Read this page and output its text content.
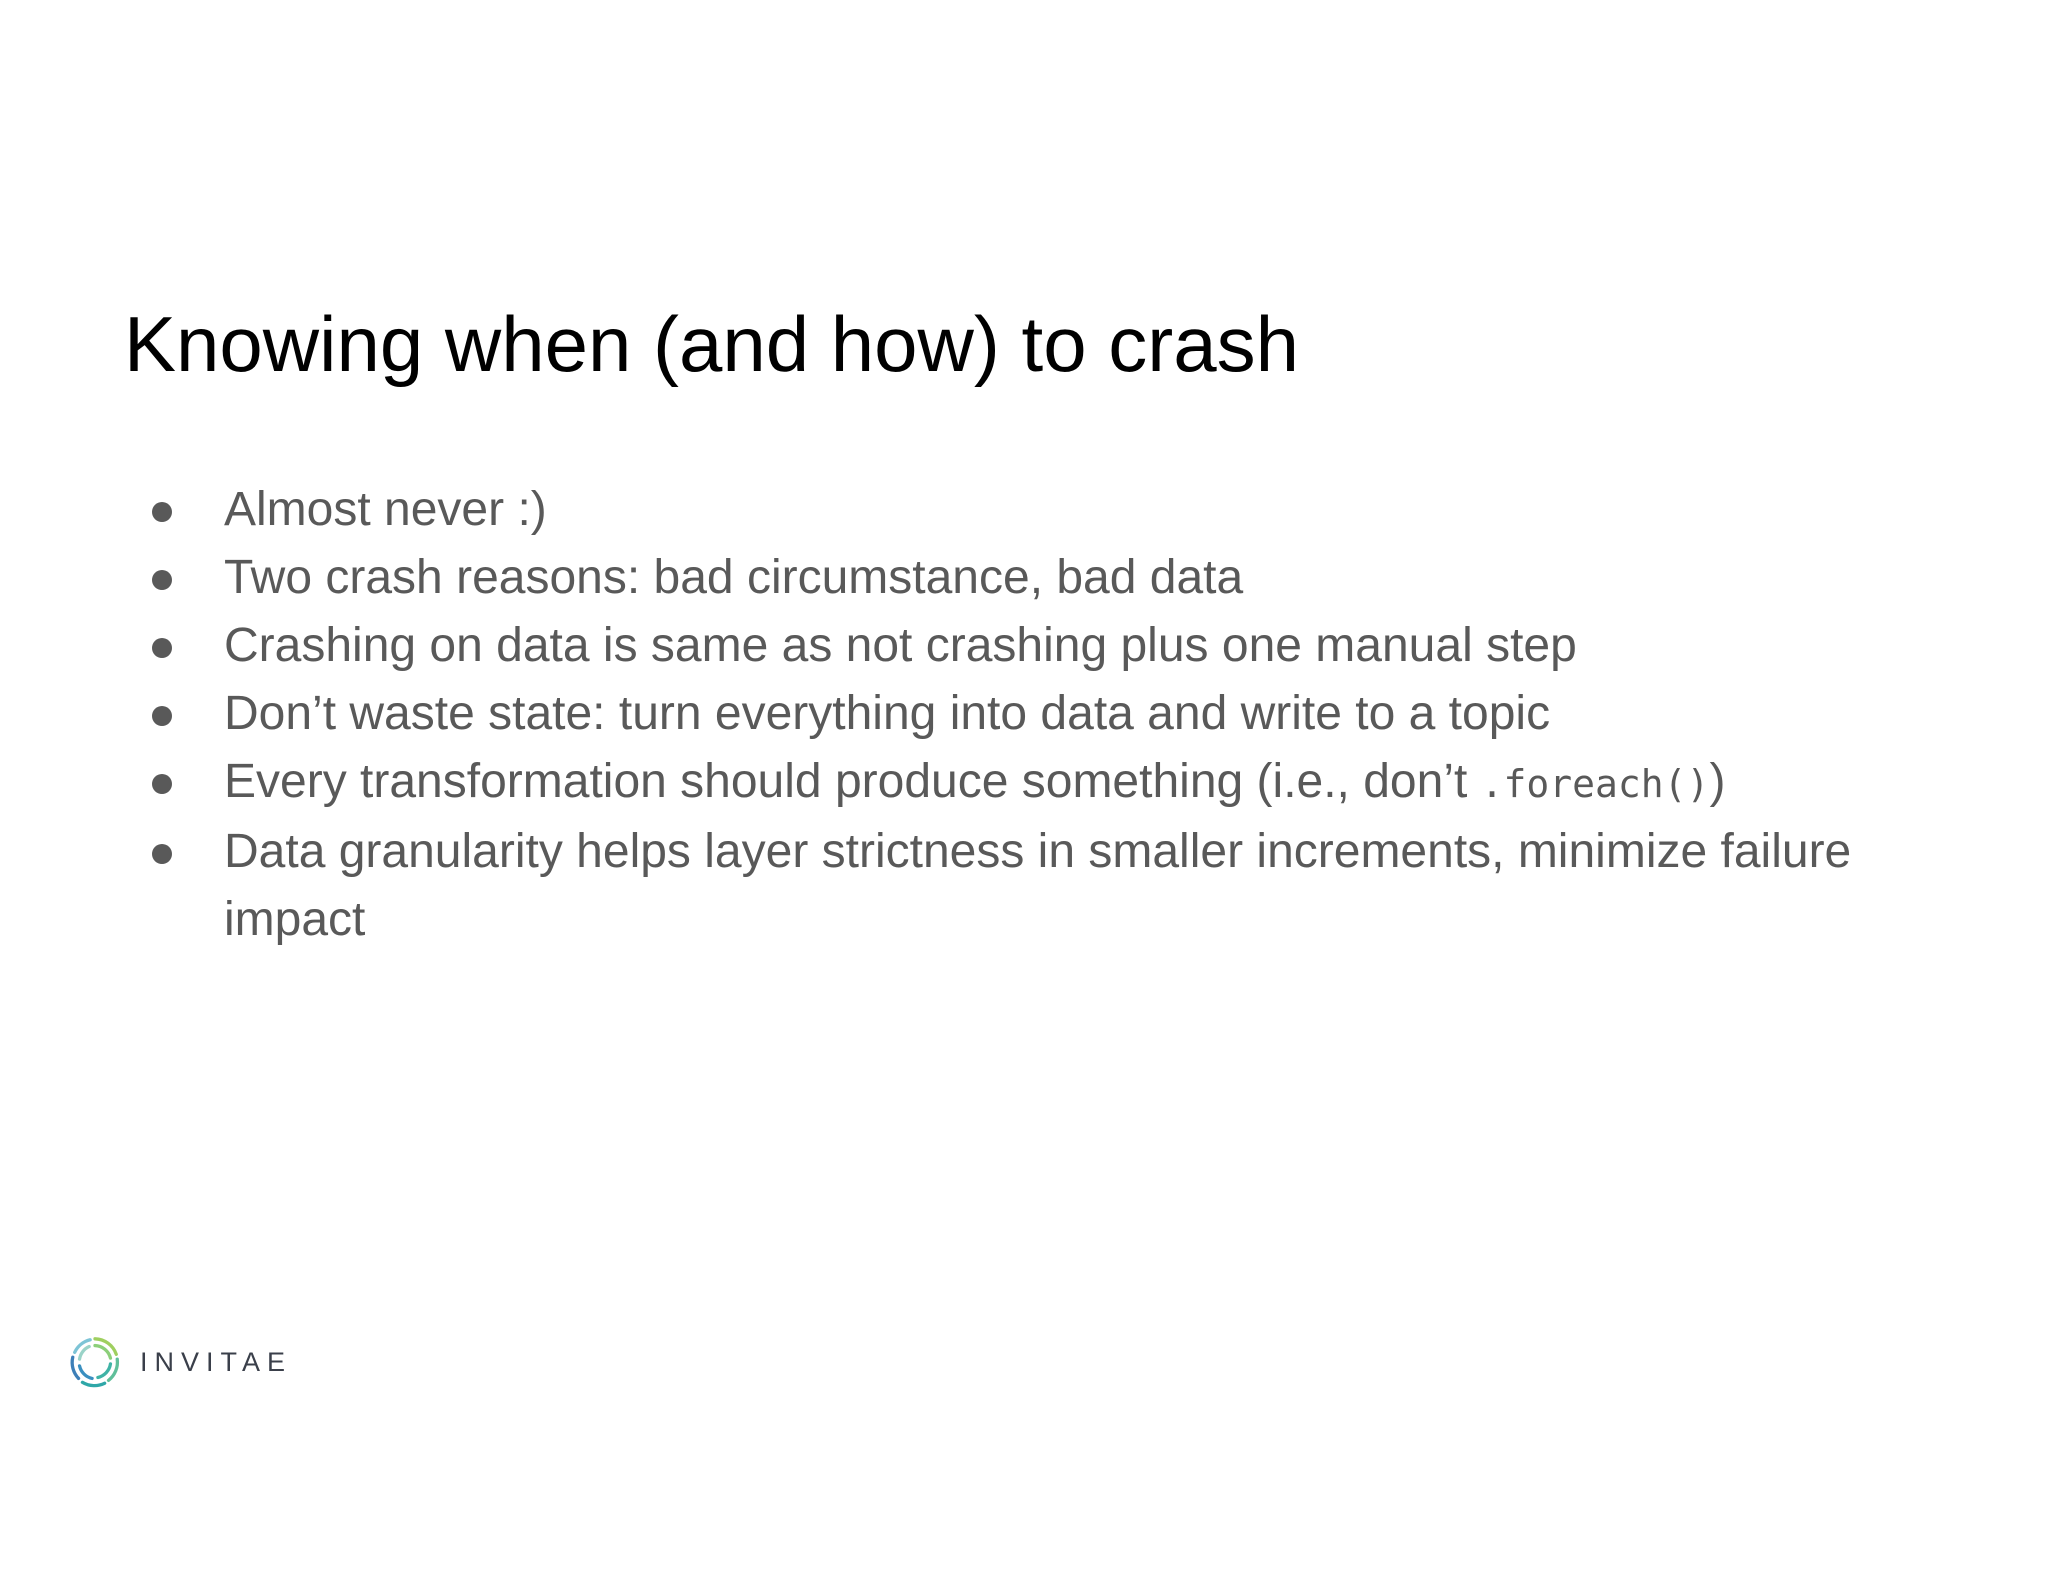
Knowing when (and how) to crash
Almost never :)
Two crash reasons: bad circumstance, bad data
Crashing on data is same as not crashing plus one manual step
Don’t waste state: turn everything into data and write to a topic
Every transformation should produce something (i.e., don’t .foreach())
Data granularity helps layer strictness in smaller increments, minimize failure impact
INVITAE
